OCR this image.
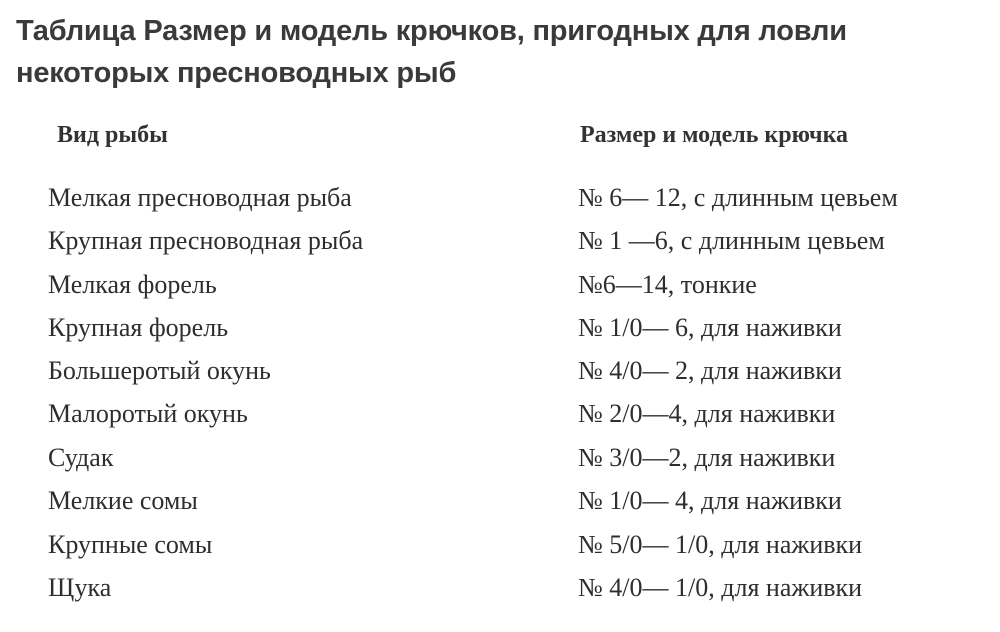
Таблица Размер и модель крючков, пригодных для ловли некоторых пресноводных рыб
Вид рыбы	Размер и модель крючка
Мелкая пресноводная рыба	№ 6— 12, с длинным цевьем
Крупная пресноводная рыба	№ 1 —6, с длинным цевьем
Мелкая форель	№6—14, тонкие
Крупная форель	№ 1/0— 6, для наживки
Большеротый окунь	№ 4/0— 2, для наживки
Малоротый окунь	№ 2/0—4, для наживки
Судак	№ 3/0—2, для наживки
Мелкие сомы	№ 1/0— 4, для наживки
Крупные сомы	№ 5/0— 1/0, для наживки
Щука	№ 4/0— 1/0, для наживки
